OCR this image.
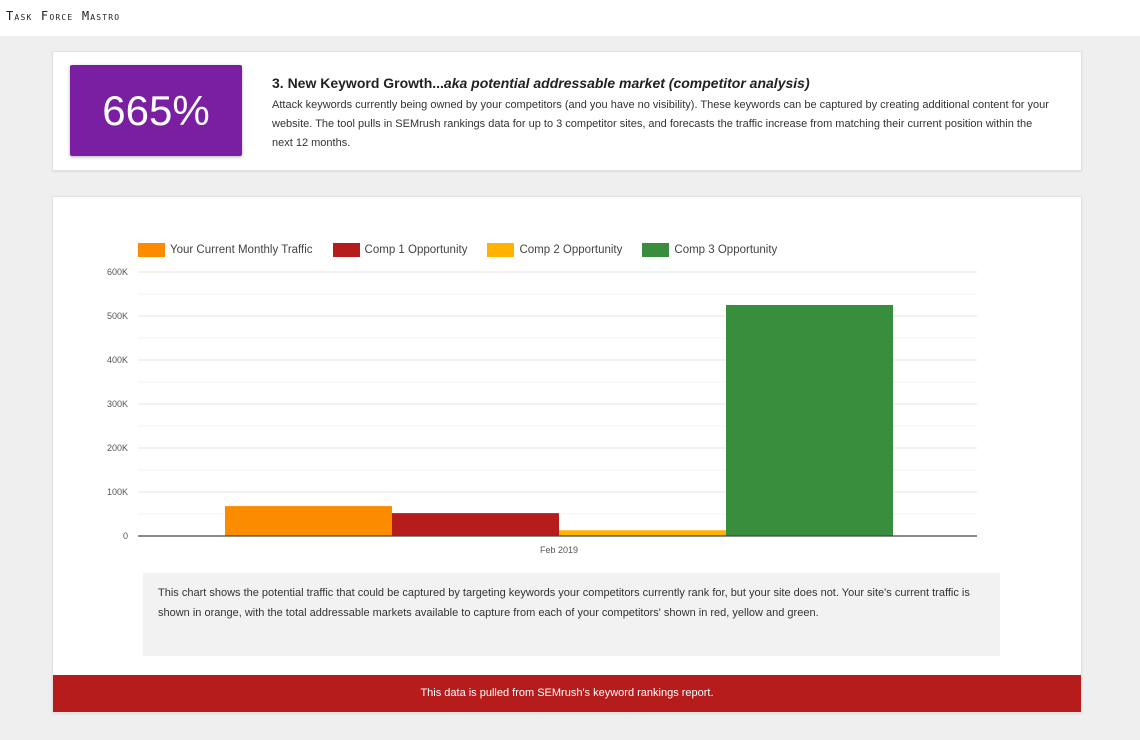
Task Force Mastro
665%
3. New Keyword Growth...aka potential addressable market (competitor analysis)
Attack keywords currently being owned by your competitors (and you have no visibility). These keywords can be captured by creating additional content for your website. The tool pulls in SEMrush rankings data for up to 3 competitor sites, and forecasts the traffic increase from matching their current position within the next 12 months.
Your Current Monthly Traffic	Comp 1 Opportunity	Comp 2 Opportunity	Comp 3 Opportunity
0
100K
200K
300K
400K
500K
600K
Feb 2019
This chart shows the potential traffic that could be captured by targeting keywords your competitors currently rank for, but your site does not. Your site's current traffic is shown in orange, with the total addressable markets available to capture from each of your competitors' shown in red, yellow and green.
This data is pulled from SEMrush's keyword rankings report.
